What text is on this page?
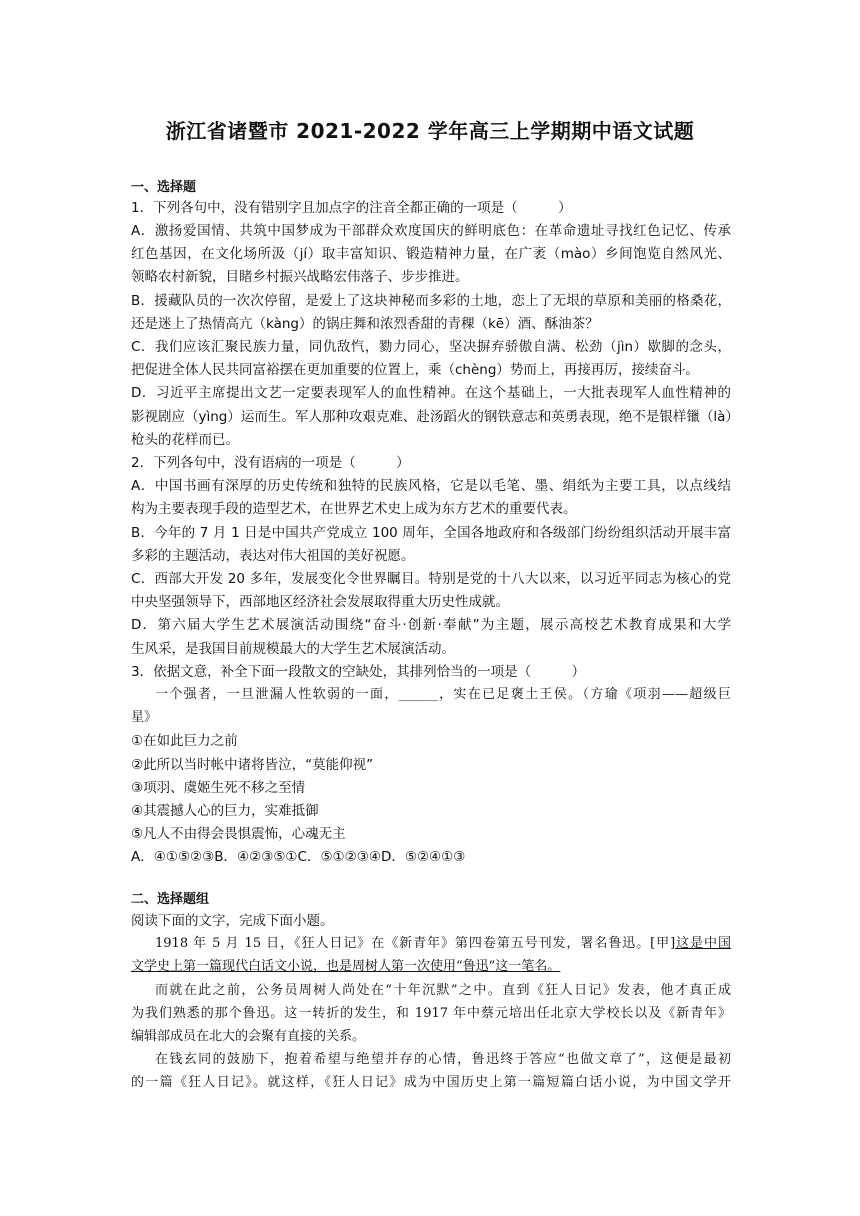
浙江省诸暨市 2021-2022 学年高三上学期期中语文试题
一、选择题
1．下列各句中，没有错别字且加点字的注音全都正确的一项是（　　　）
A．激扬爱国情、共筑中国梦成为干部群众欢度国庆的鲜明底色：在革命遗址寻找红色记忆、传承
红色基因，在文化场所汲（jí）取丰富知识、锻造精神力量，在广袤（mào）乡间饱览自然风光、
领略农村新貌，目睹乡村振兴战略宏伟落子、步步推进。
B．援藏队员的一次次停留，是爱上了这块神秘而多彩的土地，恋上了无垠的草原和美丽的格桑花，
还是迷上了热情高亢（kàng）的锅庄舞和浓烈香甜的青稞（kē）酒、酥油茶？
C．我们应该汇聚民族力量，同仇敌忾，勠力同心，坚决摒弃骄傲自满、松劲（jìn）歇脚的念头，
把促进全体人民共同富裕摆在更加重要的位置上，乘（chèng）势而上，再接再厉，接续奋斗。
D．习近平主席提出文艺一定要表现军人的血性精神。在这个基础上，一大批表现军人血性精神的
影视剧应（yìng）运而生。军人那种攻艰克难、赴汤蹈火的钢铁意志和英勇表现，绝不是银样镴（là）
枪头的花样而已。
2．下列各句中，没有语病的一项是（　　　）
A．中国书画有深厚的历史传统和独特的民族风格，它是以毛笔、墨、绢纸为主要工具，以点线结
构为主要表现手段的造型艺术，在世界艺术史上成为东方艺术的重要代表。
B．今年的 7 月 1 日是中国共产党成立 100 周年，全国各地政府和各级部门纷纷组织活动开展丰富
多彩的主题活动，表达对伟大祖国的美好祝愿。
C．西部大开发 20 多年，发展变化令世界瞩目。特别是党的十八大以来，以习近平同志为核心的党
中央坚强领导下，西部地区经济社会发展取得重大历史性成就。
D．第六届大学生艺术展演活动围绕“奋斗·创新·奉献”为主题，展示高校艺术教育成果和大学
生风采，是我国目前规模最大的大学生艺术展演活动。
3．依据文意，补全下面一段散文的空缺处，其排列恰当的一项是（　　　）
一个强者，一旦泄漏人性软弱的一面，______，实在已足褒土王侯。（方瑜《项羽——超级巨
星》
①在如此巨力之前
②此所以当时帐中诸将皆泣，“莫能仰视”
③项羽、虞姬生死不移之至情
④其震撼人心的巨力，实难抵御
⑤凡人不由得会畏惧震怖，心魂无主
A．④①⑤②③B．④②③⑤①C．⑤①②③④D．⑤②④①③
二、选择题组
阅读下面的文字，完成下面小题。
1918 年 5 月 15 日，《狂人日记》在《新青年》第四卷第五号刊发，署名鲁迅。[甲]这是中国
文学史上第一篇现代白话文小说，也是周树人第一次使用“鲁迅”这一笔名。
而就在此之前，公务员周树人尚处在“十年沉默”之中。直到《狂人日记》发表，他才真正成
为我们熟悉的那个鲁迅。这一转折的发生，和 1917 年中蔡元培出任北京大学校长以及《新青年》
编辑部成员在北大的会聚有直接的关系。
在钱玄同的鼓励下，抱着希望与绝望并存的心情，鲁迅终于答应“也做文章了”，这便是最初
的一篇《狂人日记》。就这样，《狂人日记》成为中国历史上第一篇短篇白话小说，为中国文学开
